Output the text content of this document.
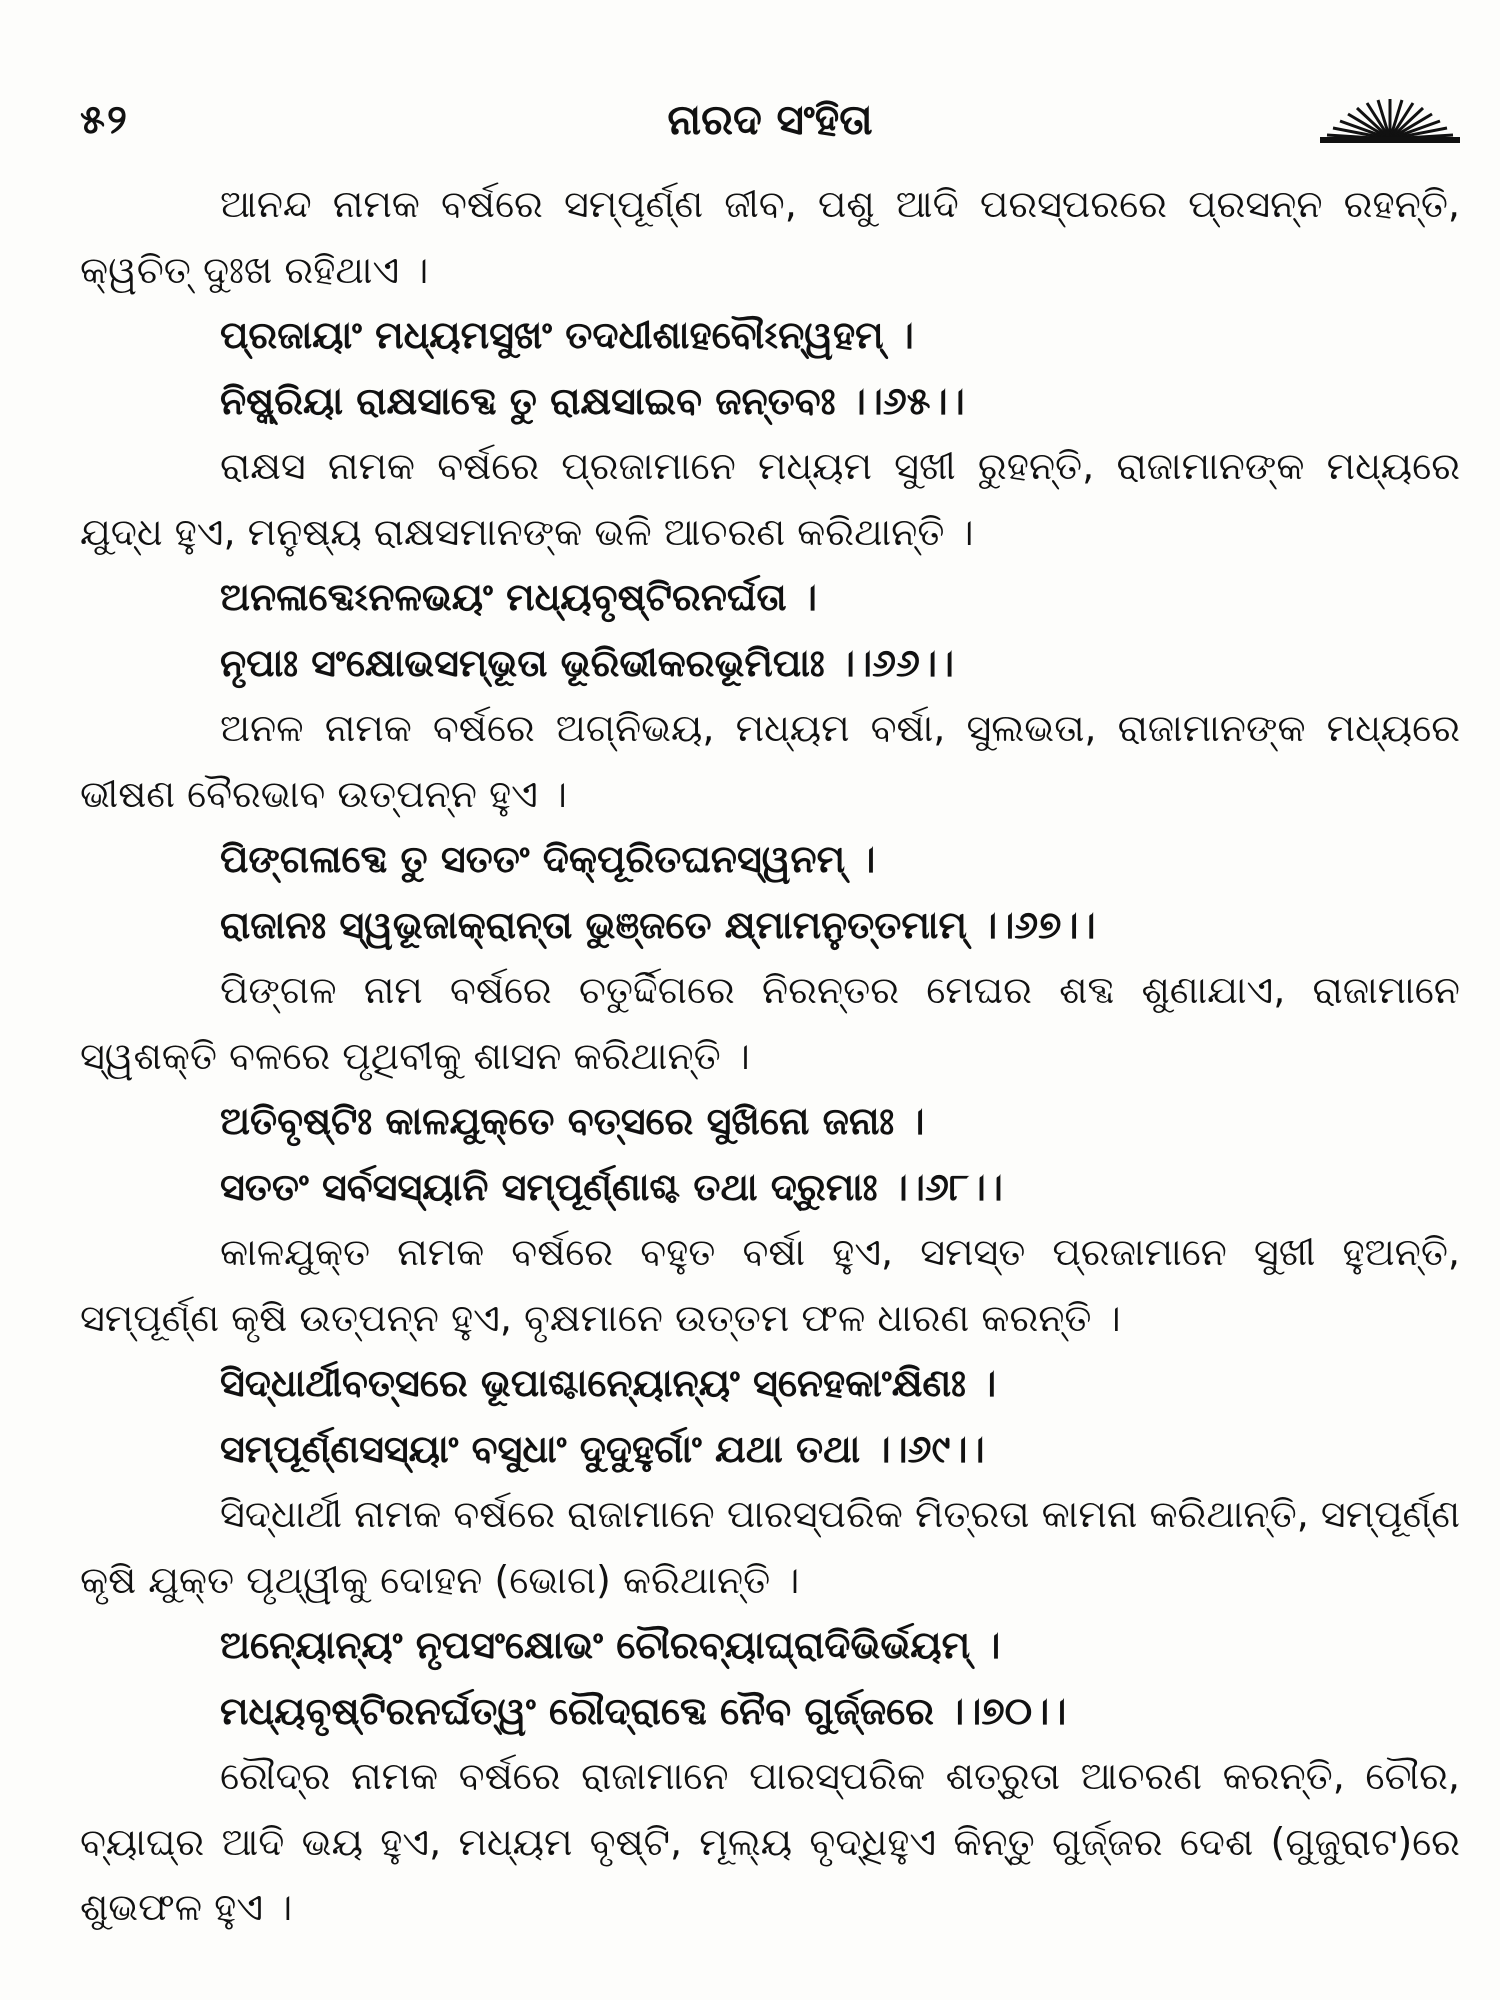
୫୨	ନାରଦ ସଂହିତା

ଆନନ୍ଦ ନାମକ ବର୍ଷରେ ସମ୍ପୂର୍ଣ୍ଣ ଜୀବ, ପଶୁ ଆଦି ପରସ୍ପରରେ ପ୍ରସନ୍ନ ରହନ୍ତି, କ୍ୱଚିତ୍ ଦୁଃଖ ରହିଥାଏ ।

ପ୍ରଜାୟାଂ ମଧ୍ୟମସୁଖଂ ତଦଧୀଶାହବୌଽନ୍ୱହମ୍ ।
ନିଷ୍କ୍ରିୟା ରାକ୍ଷସାବ୍ଦେ ତୁ ରାକ୍ଷସାଇବ ଜନ୍ତବଃ ।।୬୫।।

ରାକ୍ଷସ ନାମକ ବର୍ଷରେ ପ୍ରଜାମାନେ ମଧ୍ୟମ ସୁଖୀ ରୁହନ୍ତି, ରାଜାମାନଙ୍କ ମଧ୍ୟରେ ଯୁଦ୍ଧ ହୁଏ, ମନୁଷ୍ୟ ରାକ୍ଷସମାନଙ୍କ ଭଳି ଆଚରଣ କରିଥାନ୍ତି ।

ଅନଳାବ୍ଦେଽନଳଭୟଂ ମଧ୍ୟବୃଷ୍ଟିରନର୍ଘତା ।
ନୃପାଃ ସଂକ୍ଷୋଭସମ୍ଭୂତା ଭୂରିଭୀକରଭୂମିପାଃ ।।୬୬।।

ଅନଳ ନାମକ ବର୍ଷରେ ଅଗ୍ନିଭୟ, ମଧ୍ୟମ ବର୍ଷା, ସୁଲଭତା, ରାଜାମାନଙ୍କ ମଧ୍ୟରେ ଭୀଷଣ ବୈରଭାବ ଉତ୍ପନ୍ନ ହୁଏ ।

ପିଙ୍ଗଳାବ୍ଦେ ତୁ ସତତଂ ଦିକ୍ପୂରିତଘନସ୍ୱନମ୍ ।
ରାଜାନଃ ସ୍ୱଭୂଜାକ୍ରାନ୍ତା ଭୁଞ୍ଜତେ କ୍ଷ୍ମାମନୁତ୍ତମାମ୍ ।।୬୭।।

ପିଙ୍ଗଳ ନାମ ବର୍ଷରେ ଚତୁର୍ଦ୍ଦିଗରେ ନିରନ୍ତର ମେଘର ଶବ୍ଦ ଶୁଣାଯାଏ, ରାଜାମାନେ ସ୍ୱଶକ୍ତି ବଳରେ ପୃଥିବୀକୁ ଶାସନ କରିଥାନ୍ତି ।

ଅତିବୃଷ୍ଟିଃ କାଳଯୁକ୍ତେ ବତ୍ସରେ ସୁଖିନୋ ଜନାଃ ।
ସତତଂ ସର୍ବସସ୍ୟାନି ସମ୍ପୂର୍ଣ୍ଣାଶ୍ଚ ତଥା ଦ୍ରୁମାଃ ।।୬୮।।

କାଳଯୁକ୍ତ ନାମକ ବର୍ଷରେ ବହୁତ ବର୍ଷା ହୁଏ, ସମସ୍ତ ପ୍ରଜାମାନେ ସୁଖୀ ହୁଅନ୍ତି, ସମ୍ପୂର୍ଣ୍ଣ କୃଷି ଉତ୍ପନ୍ନ ହୁଏ, ବୃକ୍ଷମାନେ ଉତ୍ତମ ଫଳ ଧାରଣ କରନ୍ତି ।

ସିଦ୍ଧାର୍ଥୀବତ୍ସରେ ଭୂପାଶ୍ଚାନ୍ୟୋନ୍ୟଂ ସ୍ନେହକାଂକ୍ଷିଣଃ ।
ସମ୍ପୂର୍ଣ୍ଣସସ୍ୟାଂ ବସୁଧାଂ ଦୁଦୁହୁର୍ଗାଂ ଯଥା ତଥା ।।୬୯।।

ସିଦ୍ଧାର୍ଥୀ ନାମକ ବର୍ଷରେ ରାଜାମାନେ ପାରସ୍ପରିକ ମିତ୍ରତା କାମନା କରିଥାନ୍ତି, ସମ୍ପୂର୍ଣ୍ଣ କୃଷି ଯୁକ୍ତ ପୃଥ୍ୱୀକୁ ଦୋହନ (ଭୋଗ) କରିଥାନ୍ତି ।

ଅନ୍ୟୋନ୍ୟଂ ନୃପସଂକ୍ଷୋଭଂ ଚୌରବ୍ୟାଘ୍ରାଦିଭିର୍ଭୟମ୍ ।
ମଧ୍ୟବୃଷ୍ଟିରନର୍ଘତ୍ୱଂ ରୌଦ୍ରାବ୍ଦେ ନୈବ ଗୁର୍ଜ୍ଜରେ ।।୭୦।।

ରୌଦ୍ର ନାମକ ବର୍ଷରେ ରାଜାମାନେ ପାରସ୍ପରିକ ଶତ୍ରୁତା ଆଚରଣ କରନ୍ତି, ଚୌର, ବ୍ୟାଘ୍ର ଆଦି ଭୟ ହୁଏ, ମଧ୍ୟମ ବୃଷ୍ଟି, ମୂଲ୍ୟ ବୃଦ୍ଧିହୁଏ କିନ୍ତୁ ଗୁର୍ଜ୍ଜର ଦେଶ (ଗୁଜୁରାଟ)ରେ ଶୁଭଫଳ ହୁଏ ।
